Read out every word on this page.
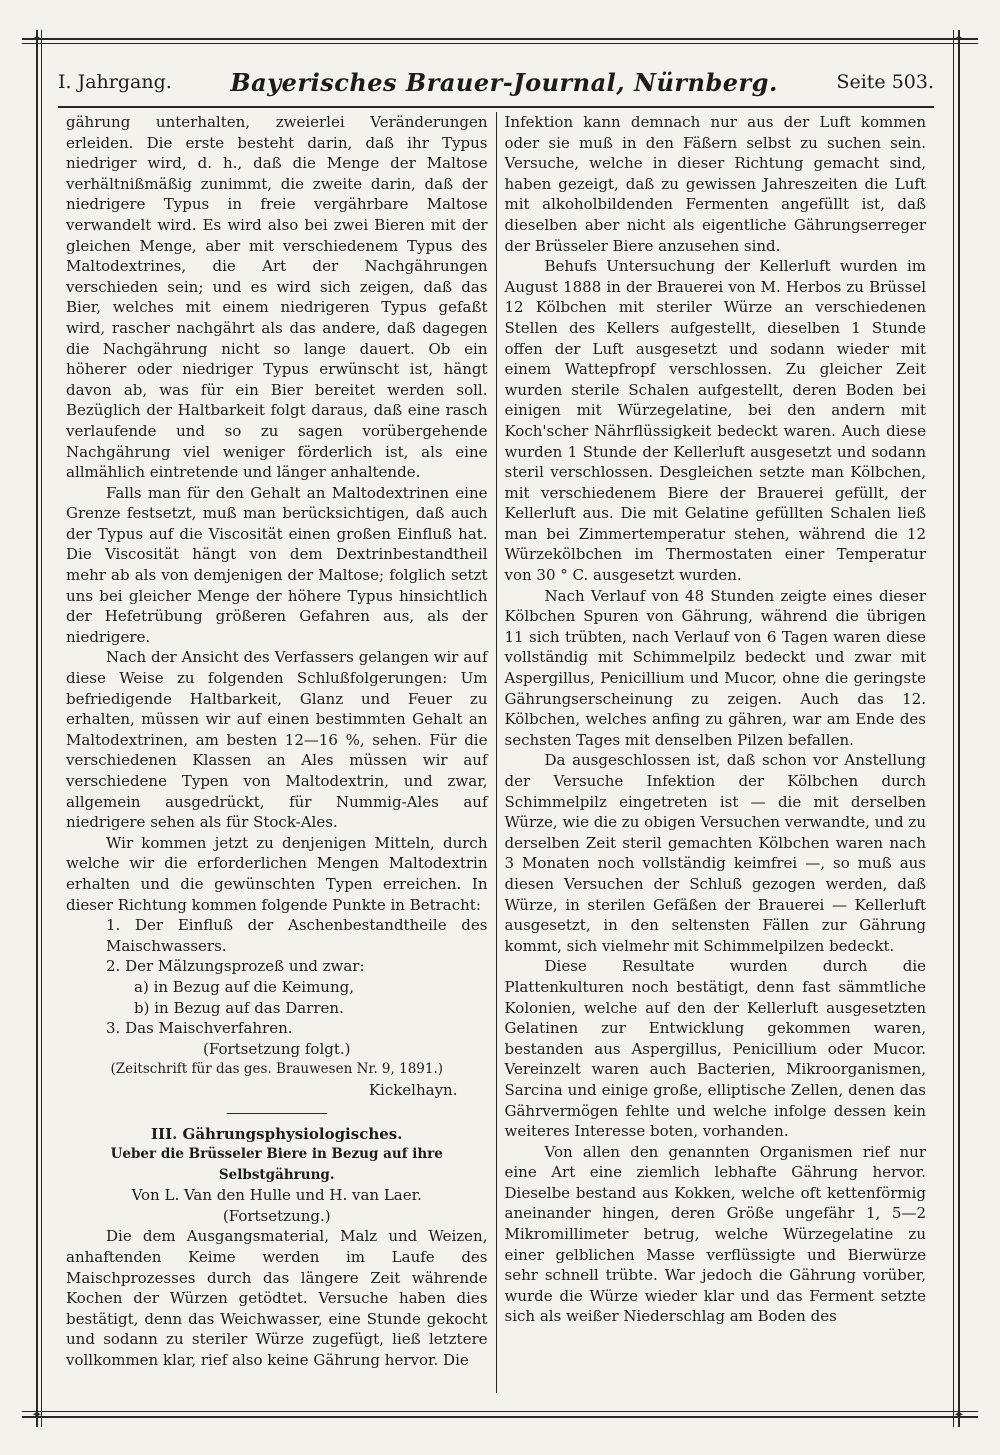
✦	✦
✦	✦
I. Jahrgang. Bayerisches Brauer-Journal, Nürnberg.	Seite 503.

gährung unterhalten, zweierlei Veränderungen erleiden. Die erste besteht darin, daß ihr Typus niedriger wird, d. h., daß die Menge der Maltose verhältnißmäßig zunimmt, die zweite darin, daß der niedrigere Typus in freie vergährbare Maltose verwandelt wird. Es wird also bei zwei Bieren mit der gleichen Menge, aber mit verschiedenem Typus des Maltodextrines, die Art der Nachgährungen verschieden sein; und es wird sich zeigen, daß das Bier, welches mit einem niedrigeren Typus gefaßt wird, rascher nachgährt als das andere, daß dagegen die Nachgährung nicht so lange dauert. Ob ein höherer oder niedriger Typus erwünscht ist, hängt davon ab, was für ein Bier bereitet werden soll. Bezüglich der Haltbarkeit folgt daraus, daß eine rasch verlaufende und so zu sagen vorübergehende Nachgährung viel weniger förderlich ist, als eine allmählich eintretende und länger anhaltende.

Falls man für den Gehalt an Maltodextrinen eine Grenze festsetzt, muß man berücksichtigen, daß auch der Typus auf die Viscosität einen großen Einfluß hat. Die Viscosität hängt von dem Dextrinbestandtheil mehr ab als von demjenigen der Maltose; folglich setzt uns bei gleicher Menge der höhere Typus hinsichtlich der Hefetrübung größeren Gefahren aus, als der niedrigere.

Nach der Ansicht des Verfassers gelangen wir auf diese Weise zu folgenden Schlußfolgerungen: Um befriedigende Haltbarkeit, Glanz und Feuer zu erhalten, müssen wir auf einen bestimmten Gehalt an Maltodextrinen, am besten 12—16 %, sehen. Für die verschiedenen Klassen an Ales müssen wir auf verschiedene Typen von Maltodextrin, und zwar, allgemein ausgedrückt, für Nummig-Ales auf niedrigere sehen als für Stock-Ales.

Wir kommen jetzt zu denjenigen Mitteln, durch welche wir die erforderlichen Mengen Maltodextrin erhalten und die gewünschten Typen erreichen. In dieser Richtung kommen folgende Punkte in Betracht:

1. Der Einfluß der Aschenbestandtheile des Maischwassers.

2. Der Mälzungsprozeß und zwar:

a) in Bezug auf die Keimung,

b) in Bezug auf das Darren.

3. Das Maischverfahren.

(Fortsetzung folgt.)

(Zeitschrift für das ges. Brauwesen Nr. 9, 1891.)

Kickelhayn.

III. Gährungsphysiologisches.

Ueber die Brüsseler Biere in Bezug auf ihre Selbstgährung.

Von L. Van den Hulle und H. van Laer.

(Fortsetzung.)

Die dem Ausgangsmaterial, Malz und Weizen, anhaftenden Keime werden im Laufe des Maischprozesses durch das längere Zeit währende Kochen der Würzen getödtet. Versuche haben dies bestätigt, denn das Weichwasser, eine Stunde gekocht und sodann zu steriler Würze zugefügt, ließ letztere vollkommen klar, rief also keine Gährung hervor. Die

Infektion kann demnach nur aus der Luft kommen oder sie muß in den Fäßern selbst zu suchen sein. Versuche, welche in dieser Richtung gemacht sind, haben gezeigt, daß zu gewissen Jahreszeiten die Luft mit alkoholbildenden Fermenten angefüllt ist, daß dieselben aber nicht als eigentliche Gährungserreger der Brüsseler Biere anzusehen sind.

Behufs Untersuchung der Kellerluft wurden im August 1888 in der Brauerei von M. Herbos zu Brüssel 12 Kölbchen mit steriler Würze an verschiedenen Stellen des Kellers aufgestellt, dieselben 1 Stunde offen der Luft ausgesetzt und sodann wieder mit einem Wattepfropf verschlossen. Zu gleicher Zeit wurden sterile Schalen aufgestellt, deren Boden bei einigen mit Würzegelatine, bei den andern mit Koch'scher Nährflüssigkeit bedeckt waren. Auch diese wurden 1 Stunde der Kellerluft ausgesetzt und sodann steril verschlossen. Desgleichen setzte man Kölbchen, mit verschiedenem Biere der Brauerei gefüllt, der Kellerluft aus. Die mit Gelatine gefüllten Schalen ließ man bei Zimmertemperatur stehen, während die 12 Würzekölbchen im Thermostaten einer Temperatur von 30 ° C. ausgesetzt wurden.

Nach Verlauf von 48 Stunden zeigte eines dieser Kölbchen Spuren von Gährung, während die übrigen 11 sich trübten, nach Verlauf von 6 Tagen waren diese vollständig mit Schimmelpilz bedeckt und zwar mit Aspergillus, Penicillium und Mucor, ohne die geringste Gährungserscheinung zu zeigen. Auch das 12. Kölbchen, welches anfing zu gähren, war am Ende des sechsten Tages mit denselben Pilzen befallen.

Da ausgeschlossen ist, daß schon vor Anstellung der Versuche Infektion der Kölbchen durch Schimmelpilz eingetreten ist — die mit derselben Würze, wie die zu obigen Versuchen verwandte, und zu derselben Zeit steril gemachten Kölbchen waren nach 3 Monaten noch vollständig keimfrei —, so muß aus diesen Versuchen der Schluß gezogen werden, daß Würze, in sterilen Gefäßen der Brauerei — Kellerluft ausgesetzt, in den seltensten Fällen zur Gährung kommt, sich vielmehr mit Schimmelpilzen bedeckt.

Diese Resultate wurden durch die Plattenkulturen noch bestätigt, denn fast sämmtliche Kolonien, welche auf den der Kellerluft ausgesetzten Gelatinen zur Entwicklung gekommen waren, bestanden aus Aspergillus, Penicillium oder Mucor. Vereinzelt waren auch Bacterien, Mikroorganismen, Sarcina und einige große, elliptische Zellen, denen das Gährvermögen fehlte und welche infolge dessen kein weiteres Interesse boten, vorhanden.

Von allen den genannten Organismen rief nur eine Art eine ziemlich lebhafte Gährung hervor. Dieselbe bestand aus Kokken, welche oft kettenförmig aneinander hingen, deren Größe ungefähr 1, 5—2 Mikromillimeter betrug, welche Würzegelatine zu einer gelblichen Masse verflüssigte und Bierwürze sehr schnell trübte. War jedoch die Gährung vorüber, wurde die Würze wieder klar und das Ferment setzte sich als weißer Niederschlag am Boden des
